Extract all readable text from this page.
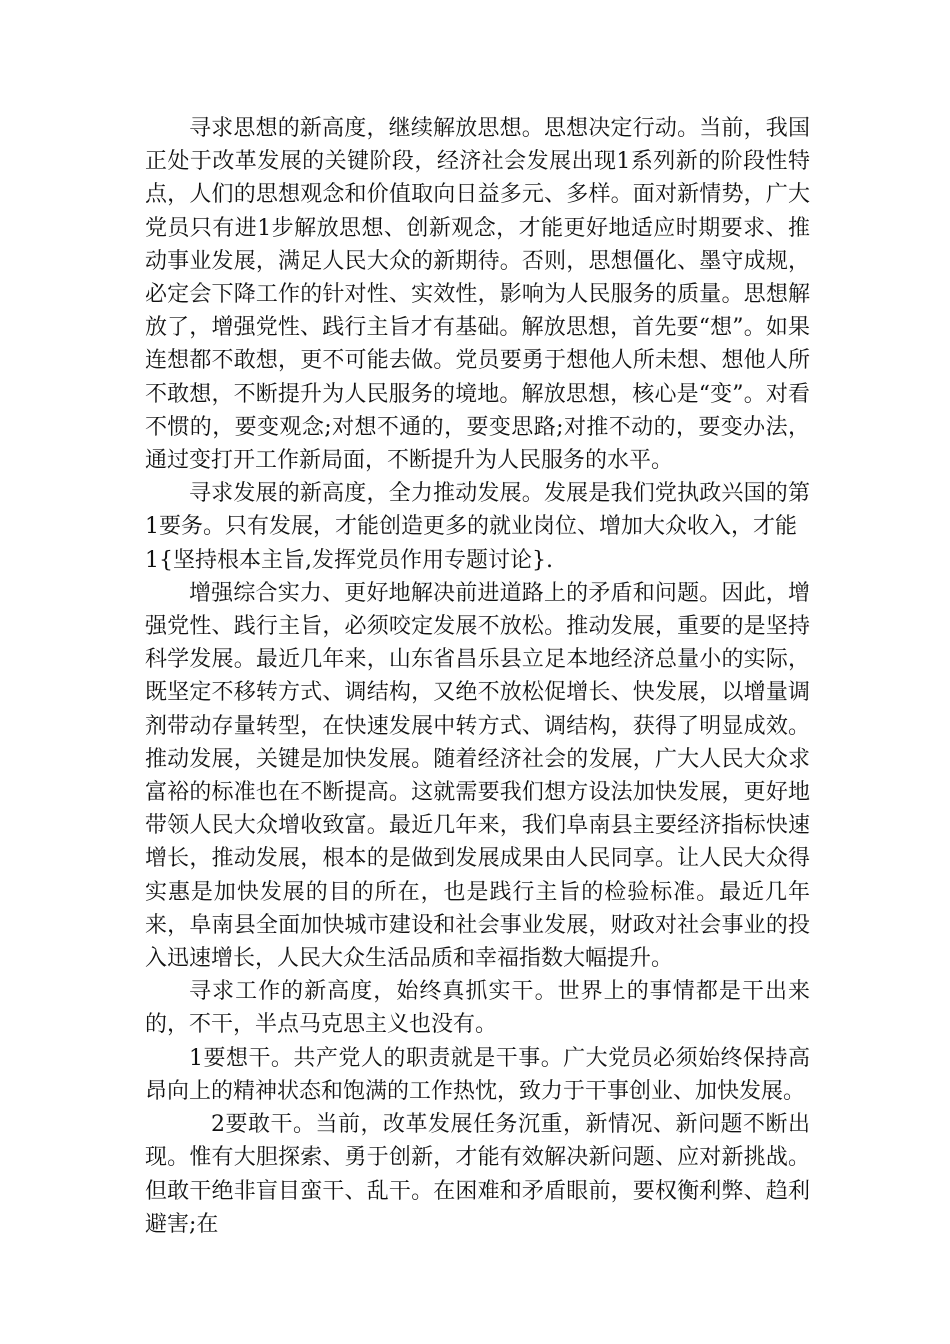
寻求思想的新高度，继续解放思想。思想决定行动。当前，我国正处于改革发展的关键阶段，经济社会发展出现1系列新的阶段性特点，人们的思想观念和价值取向日益多元、多样。面对新情势，广大党员只有进1步解放思想、创新观念，才能更好地适应时期要求、推动事业发展，满足人民大众的新期待。否则，思想僵化、墨守成规，必定会下降工作的针对性、实效性，影响为人民服务的质量。思想解放了，增强党性、践行主旨才有基础。解放思想，首先要“想”。如果连想都不敢想，更不可能去做。党员要勇于想他人所未想、想他人所不敢想，不断提升为人民服务的境地。解放思想，核心是“变”。对看不惯的，要变观念;对想不通的，要变思路;对推不动的，要变办法，通过变打开工作新局面，不断提升为人民服务的水平。

寻求发展的新高度，全力推动发展。发展是我们党执政兴国的第1要务。只有发展，才能创造更多的就业岗位、增加大众收入，才能

1{坚持根本主旨,发挥党员作用专题讨论}.

增强综合实力、更好地解决前进道路上的矛盾和问题。因此，增强党性、践行主旨，必须咬定发展不放松。推动发展，重要的是坚持科学发展。最近几年来，山东省昌乐县立足本地经济总量小的实际，既坚定不移转方式、调结构，又绝不放松促增长、快发展，以增量调剂带动存量转型，在快速发展中转方式、调结构，获得了明显成效。推动发展，关键是加快发展。随着经济社会的发展，广大人民大众求富裕的标准也在不断提高。这就需要我们想方设法加快发展，更好地带领人民大众增收致富。最近几年来，我们阜南县主要经济指标快速增长，推动发展，根本的是做到发展成果由人民同享。让人民大众得实惠是加快发展的目的所在，也是践行主旨的检验标准。最近几年来，阜南县全面加快城市建设和社会事业发展，财政对社会事业的投入迅速增长，人民大众生活品质和幸福指数大幅提升。

寻求工作的新高度，始终真抓实干。世界上的事情都是干出来的，不干，半点马克思主义也没有。

1要想干。共产党人的职责就是干事。广大党员必须始终保持高昂向上的精神状态和饱满的工作热忱，致力于干事创业、加快发展。

2要敢干。当前，改革发展任务沉重，新情况、新问题不断出现。惟有大胆探索、勇于创新，才能有效解决新问题、应对新挑战。但敢干绝非盲目蛮干、乱干。在困难和矛盾眼前，要权衡利弊、趋利避害;在
